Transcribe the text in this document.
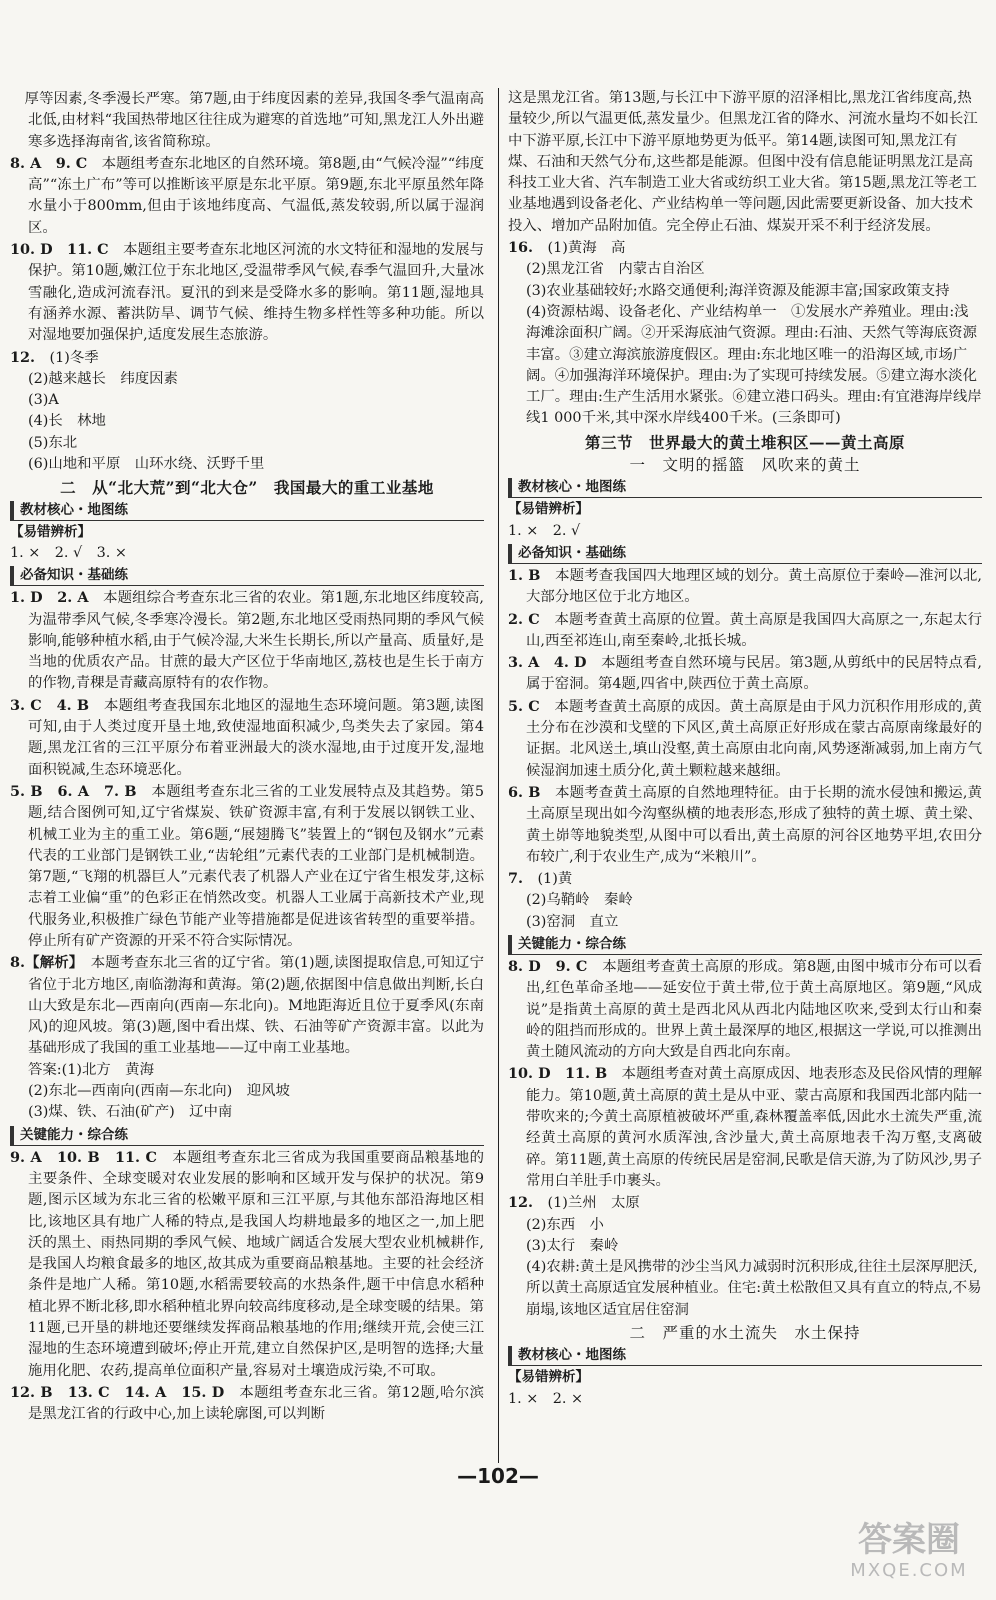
　厚等因素,冬季漫长严寒。第7题,由于纬度因素的差异,我国冬季气温南高北低,由材料“我国热带地区往往成为避寒的首选地”可知,黑龙江人外出避寒多选择海南省,该省简称琼。
8. A　9. C　 本题组考查东北地区的自然环境。第8题,由“气候冷湿”“纬度高”“冻土广布”等可以推断该平原是东北平原。第9题,东北平原虽然年降水量小于800mm,但由于该地纬度高、气温低,蒸发较弱,所以属于湿润区。
10. D　11. C　 本题组主要考查东北地区河流的水文特征和湿地的发展与保护。第10题,嫩江位于东北地区,受温带季风气候,春季气温回升,大量冰雪融化,造成河流春汛。夏汛的到来是受降水多的影响。第11题,湿地具有涵养水源、蓄洪防旱、调节气候、维持生物多样性等多种功能。所以对湿地要加强保护,适度发展生态旅游。
12.　 (1)冬季
(2)越来越长　纬度因素
(3)A
(4)长　林地
(5)东北
(6)山地和平原　山环水绕、沃野千里
二　从“北大荒”到“北大仓”　我国最大的重工业基地
教材核心・地图练
【易错辨析】
1. ×　2. √　3. ×
必备知识・基础练
1. D　2. A　 本题组综合考查东北三省的农业。第1题,东北地区纬度较高,为温带季风气候,冬季寒冷漫长。第2题,东北地区受雨热同期的季风气候影响,能够种植水稻,由于气候冷湿,大米生长期长,所以产量高、质量好,是当地的优质农产品。甘蔗的最大产区位于华南地区,荔枝也是生长于南方的作物,青稞是青藏高原特有的农作物。
3. C　4. B　 本题组考查我国东北地区的湿地生态环境问题。第3题,读图可知,由于人类过度开垦土地,致使湿地面积减少,鸟类失去了家园。第4题,黑龙江省的三江平原分布着亚洲最大的淡水湿地,由于过度开发,湿地面积锐减,生态环境恶化。
5. B　6. A　7. B　 本题组考查东北三省的工业发展特点及其趋势。第5题,结合图例可知,辽宁省煤炭、铁矿资源丰富,有利于发展以钢铁工业、机械工业为主的重工业。第6题,“展翅腾飞”装置上的“钢包及钢水”元素代表的工业部门是钢铁工业,“齿轮组”元素代表的工业部门是机械制造。第7题,“飞翔的机器巨人”元素代表了机器人产业在辽宁省生根发芽,这标志着工业偏“重”的色彩正在悄然改变。机器人工业属于高新技术产业,现代服务业,积极推广绿色节能产业等措施都是促进该省转型的重要举措。停止所有矿产资源的开采不符合实际情况。
8.【解析】　 本题考查东北三省的辽宁省。第(1)题,读图提取信息,可知辽宁省位于北方地区,南临渤海和黄海。第(2)题,依据图中信息做出判断,长白山大致是东北—西南向(西南—东北向)。M地距海近且位于夏季风(东南风)的迎风坡。第(3)题,图中看出煤、铁、石油等矿产资源丰富。以此为基础形成了我国的重工业基地——辽中南工业基地。
答案:(1)北方　黄海
(2)东北—西南向(西南—东北向)　迎风坡
(3)煤、铁、石油(矿产)　辽中南
关键能力・综合练
9. A　10. B　11. C　 本题组考查东北三省成为我国重要商品粮基地的主要条件、全球变暖对农业发展的影响和区域开发与保护的状况。第9题,图示区域为东北三省的松嫩平原和三江平原,与其他东部沿海地区相比,该地区具有地广人稀的特点,是我国人均耕地最多的地区之一,加上肥沃的黑土、雨热同期的季风气候、地域广阔适合发展大型农业机械耕作,是我国人均粮食最多的地区,故其成为重要商品粮基地。主要的社会经济条件是地广人稀。第10题,水稻需要较高的水热条件,题干中信息水稻种植北界不断北移,即水稻种植北界向较高纬度移动,是全球变暖的结果。第11题,已开垦的耕地还要继续发挥商品粮基地的作用;继续开荒,会使三江湿地的生态环境遭到破坏;停止开荒,建立自然保护区,是明智的选择;大量施用化肥、农药,提高单位面积产量,容易对土壤造成污染,不可取。
12. B　13. C　14. A　15. D　 本题组考查东北三省。第12题,哈尔滨是黑龙江省的行政中心,加上读轮廓图,可以判断
这是黑龙江省。第13题,与长江中下游平原的沼泽相比,黑龙江省纬度高,热量较少,所以气温更低,蒸发量少。但黑龙江省的降水、河流水量均不如长江中下游平原,长江中下游平原地势更为低平。第14题,读图可知,黑龙江有煤、石油和天然气分布,这些都是能源。但图中没有信息能证明黑龙江是高科技工业大省、汽车制造工业大省或纺织工业大省。第15题,黑龙江等老工业基地遇到设备老化、产业结构单一等问题,因此需要更新设备、加大技术投入、增加产品附加值。完全停止石油、煤炭开采不利于经济发展。
16.　 (1)黄海　高
(2)黑龙江省　内蒙古自治区
(3)农业基础较好;水路交通便利;海洋资源及能源丰富;国家政策支持
(4)资源枯竭、设备老化、产业结构单一　①发展水产养殖业。理由:浅海滩涂面积广阔。②开采海底油气资源。理由:石油、天然气等海底资源丰富。③建立海滨旅游度假区。理由:东北地区唯一的沿海区域,市场广阔。④加强海洋环境保护。理由:为了实现可持续发展。⑤建立海水淡化工厂。理由:生产生活用水紧张。⑥建立港口码头。理由:有宜港海岸线岸线1 000千米,其中深水岸线400千米。(三条即可)
第三节　世界最大的黄土堆积区——黄土高原
一　文明的摇篮　风吹来的黄土
教材核心・地图练
【易错辨析】
1. ×　2. √
必备知识・基础练
1. B　 本题考查我国四大地理区域的划分。黄土高原位于秦岭—淮河以北,大部分地区位于北方地区。
2. C　 本题考查黄土高原的位置。黄土高原是我国四大高原之一,东起太行山,西至祁连山,南至秦岭,北抵长城。
3. A　4. D　 本题组考查自然环境与民居。第3题,从剪纸中的民居特点看,属于窑洞。第4题,四省中,陕西位于黄土高原。
5. C　 本题考查黄土高原的成因。黄土高原是由于风力沉积作用形成的,黄土分布在沙漠和戈壁的下风区,黄土高原正好形成在蒙古高原南缘最好的证据。北风送土,填山没壑,黄土高原由北向南,风势逐渐减弱,加上南方气候湿润加速土质分化,黄土颗粒越来越细。
6. B　 本题考查黄土高原的自然地理特征。由于长期的流水侵蚀和搬运,黄土高原呈现出如今沟壑纵横的地表形态,形成了独特的黄土塬、黄土梁、黄土峁等地貌类型,从图中可以看出,黄土高原的河谷区地势平坦,农田分布较广,利于农业生产,成为“米粮川”。
7.　 (1)黄
(2)乌鞘岭　秦岭
(3)窑洞　直立
关键能力・综合练
8. D　9. C　 本题组考查黄土高原的形成。第8题,由图中城市分布可以看出,红色革命圣地——延安位于黄土带,位于黄土高原地区。第9题,“风成说”是指黄土高原的黄土是西北风从西北内陆地区吹来,受到太行山和秦岭的阻挡而形成的。世界上黄土最深厚的地区,根据这一学说,可以推测出黄土随风流动的方向大致是自西北向东南。
10. D　11. B　 本题组考查对黄土高原成因、地表形态及民俗风情的理解能力。第10题,黄土高原的黄土是从中亚、蒙古高原和我国西北部内陆一带吹来的;今黄土高原植被破坏严重,森林覆盖率低,因此水土流失严重,流经黄土高原的黄河水质浑浊,含沙量大,黄土高原地表千沟万壑,支离破碎。第11题,黄土高原的传统民居是窑洞,民歌是信天游,为了防风沙,男子常用白羊肚手巾裹头。
12.　 (1)兰州　太原
(2)东西　小
(3)太行　秦岭
(4)农耕:黄土是风携带的沙尘当风力减弱时沉积形成,往往土层深厚肥沃,所以黄土高原适宜发展种植业。住宅:黄土松散但又具有直立的特点,不易崩塌,该地区适宜居住窑洞
二　严重的水土流失　水土保持
教材核心・地图练
【易错辨析】
1. ×　2. ×
—102—
答案圈
MXQE.COM
